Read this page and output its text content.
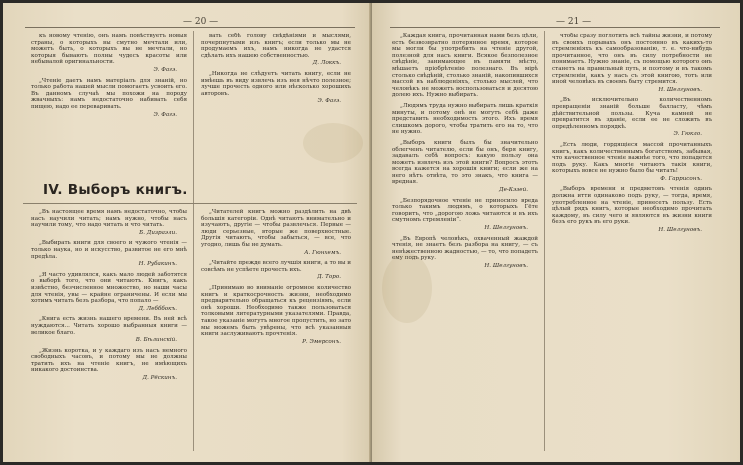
— 20 —

къ новому чтенію, онъ намъ повѣствуетъ новыя страны, о которыхъ вы смутно мечтали или, можетъ быть, о которыхъ вы не мечтали, но которыя бываютъ полны чудесъ красоты или небывалой оригинальности.

Э. Фагэ.

„Чтеніе даетъ намъ матеріалъ для знаній, но только работа нашей мысли помогаетъ усвоить его. Въ данномъ случаѣ мы похожи на породу жвачныхъ: намъ недостаточно набивать себя пищею, надо ее переваривать.

Э. Фагэ.

вать себѣ голову свѣдѣніями и мыслями, почерпнутыми изъ книгъ; если только мы не продумаемъ ихъ, намъ никогда не удастся сдѣлать ихъ нашею собственностью.

Д. Локкъ.

„Никогда не слѣдуетъ читать книгу, если не имѣешь въ виду извлечь изъ нея нѣчто полезное; лучше прочесть одного или нѣсколько хорошихъ авторовъ.

Э. Фагэ.
IV. Выборъ книгъ.

„Въ настоящее время намъ недостаточно, чтобы насъ научили читать; намъ нужно, чтобы насъ научили тому, что надо читать и что читать.

Б. Дизраэли.

„Выбирать книги для своего и чужого чтенія — только наука, но и искусство, развитое не его мнѣ предѣла.

Н. Рубакинъ.

„Я часто удивлялся, какъ мало людей заботятся о выборѣ того, что они читаютъ. Книгъ, какъ извѣстно, безчисленное множество, но наши часы для чтенія, увы — крайне ограничены. И если мы хотимъ читать безъ разбора, что попало —

Д. Лебббокъ.

„Книга есть жизнь нашего времени. Въ ней всѣ нуждаются... Читать хорошо выбранныя книги — великое благо.

В. Бѣлинскій.

„Жизнь коротка, и у каждаго изъ насъ немного свободныхъ часовъ, и потому мы не должны тратить ихъ на чтеніе книгъ, не имѣющихъ никакого достоинства.

Д. Рёскинъ.

„Читателей книгъ можно раздѣлить на двѣ большія категоріи. Однѣ читаютъ внимательно и изучаютъ, другіе — чтобы развлечься. Первые — люди серьезные, вторые же поверхностные. Другія читаютъ, чтобы забыться, — все, что угодно, лишь бы не думать.

А. Гюнхемъ.

„Читайте прежде всего лучшія книги, а то вы и совсѣмъ не успѣете прочесть ихъ.

Д. Торо.

„Принимаю во вниманіе огромное количество книгъ и краткосрочность жизни, необходимо предварительно обращаться къ рецензіямъ, если онѣ хороши. Необходимо также пользоваться толковыми литературными указателями. Правда, такое указаніе могутъ многое пропустить, но зато мы можемъ быть увѣрены, что всѣ указанныя книги заслуживаютъ прочтенія.

Р. Эмерсонъ.
— 21 —

„Каждая книга, прочитанная нами безъ цѣли, есть безвозвратно потерянное время, которое мы могли бы употребить на чтеніе другой, полезной для насъ книги. Всякое безполезное свѣдѣніе, занимающее въ памяти мѣсто, мѣшаетъ пріобрѣтенію полезнаго. Въ мірѣ столько свѣдѣній, столько знаній, накопившихся массой въ наблюденіяхъ, столько мыслей, что человѣкъ не можетъ воспользоваться и десятою долею ихъ. Нужно выбирать.

„Людямъ труда нужно выбирать лишь краткія минуты, и потому онѣ не могутъ себѣ даже представить необходимость этого. Ихъ время слишкомъ дорого, чтобы тратить его на то, что не нужно.

„Выборъ книги былъ бы значительно облегченъ читателю, если бы онъ, беря книгу, задавалъ себѣ вопросъ: какую пользу она можетъ извлечь изъ этой книги? Вопросъ этотъ всегда кажется на хорошія книги; если же на него нѣтъ отвѣта, то это знакъ, что книга — вредная.

Де-Кэзей.

„Безпорядочное чтеніе не приносило вреда только такимъ людямъ, о которыхъ Гёте говоритъ, что „дорогою ложь читаются и въ ихъ смутномъ стремленіи“.

Н. Шелгуновъ.

„Въ Европѣ человѣкъ, охваченный жаждой чтенія, не знаетъ безъ разбора на книгу, — съ невѣжественною жадностью, — то, что попадетъ ему подъ руку.

Н. Шелгуновъ.

чтобы сразу поглотить всѣ тайны жизни, и потому въ своихъ порывахъ онъ постоянно въ какихъ-то стремленіяхъ къ самообразованію, т. е. что-нибудь прочитанное, что онъ въ силу потребности не понимаетъ. Нужно знаніе, съ помощью которого онъ станетъ на правильный путь, и поэтому и въ такомъ стремленіи, какъ у насъ съ этой книгою, тотъ или иной человѣкъ въ своемъ быту стремится.

Н. Шелгуновъ.

„Въ исключительно количественномъ превращеніи знаній больше балласту, чѣмъ дѣйствительной пользы. Куча камней не превратится въ зданіе, если ее не сложить въ опредѣленномъ порядкѣ.

Э. Гюкло.

„Есть люди, гордящіеся массой прочитанныхъ книгъ, какъ количественнымъ богатствомъ, забывая, что качественное чтеніе важнѣе того, что попадется подъ руку. Какъ многіе читаютъ такія книги, которыхъ вовсе не нужно было бы читать!

Ф. Гаррисонъ.

„Выборъ времени и предметовъ чтенія одинъ должна итти одинаково подъ руку, — тогда, время, употребленное на чтеніе, принесетъ пользу. Есть цѣлый рядъ книгъ, которые необходимо прочитать каждому, въ силу чего и являются въ жизни книги безъ его рукъ въ его руки.

Н. Шелгуновъ.
